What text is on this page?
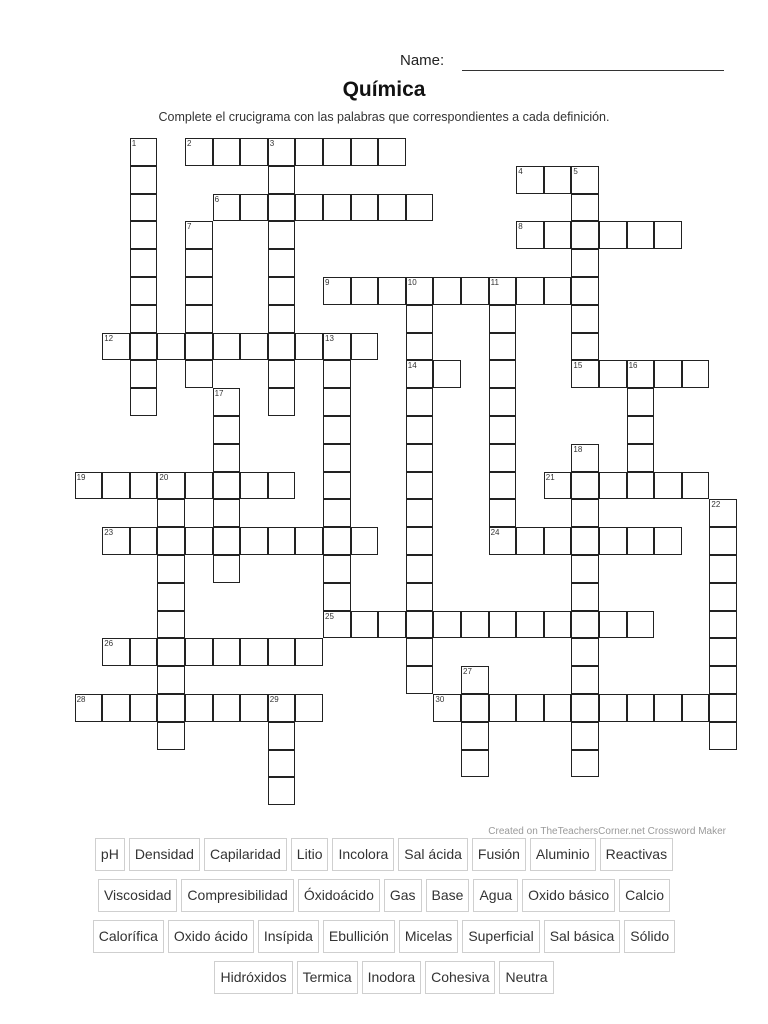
Name:
Química
Complete el crucigrama con las palabras que correspondientes a cada definición.
1	2	3
4	5
6
7	8
9	10	11
12	13
14	15	16
17
18
19	20	21
22
23	24
25
26
27
28	29	30
Created on TheTeachersCorner.net Crossword Maker
pH	Densidad	Capilaridad	Litio	Incolora	Sal ácida	Fusión	Aluminio	Reactivas
Viscosidad	Compresibilidad	Óxidoácido	Gas	Base	Agua	Oxido básico	Calcio
Calorífica	Oxido ácido	Insípida	Ebullición	Micelas	Superficial	Sal básica	Sólido
Hidróxidos	Termica	Inodora	Cohesiva	Neutra
